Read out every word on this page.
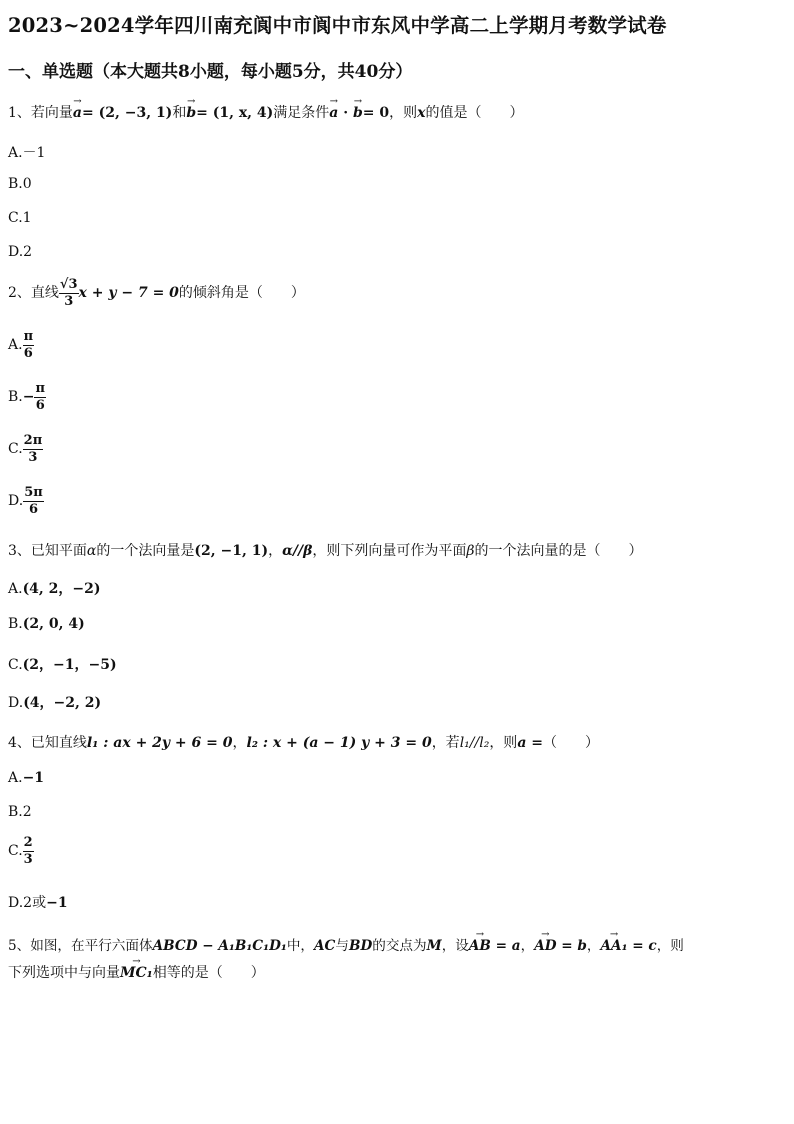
2023~2024学年四川南充阆中市阆中市东风中学高二上学期月考数学试卷
一、单选题（本大题共8小题，每小题5分，共40分）
1、若向量→ a= (2, −3, 1)和→ b= (1, x, 4)满足条件→ a · → b= 0，则x的值是（　　）
A.－1
B.0
C.1
D.2
2、直线 $\frac{√3}{3}$ x + y − 7 = 0的倾斜角是（　　）
A. $\frac{\pi}{6}$
$B.- \frac{\pi}{6}$
C. $\frac{2\pi}{3}$
D. $\frac{5\pi}{6}$
3、已知平面α的一个法向量是(2, −1, 1)，α//β，则下列向量可作为平面β的一个法向量的是（　　）
A.(4, 2，−2)
B.(2, 0, 4)
C.(2，−1，−5)
D.(4，−2, 2)
4、已知直线l₁ : ax + 2y + 6 = 0，l₂ : x + (a − 1) y + 3 = 0，若l₁//l₂，则a =（　　）
A.−1
B.2
C. $\frac{2}{3}$
D.2或−1
5、如图，在平行六面体ABCD − A₁B₁C₁D₁中，AC与BD的交点为M，设→ AB = a，→ AD = b，→ AA₁ = c，则
下列选项中与向量→ MC₁相等的是（　　）
